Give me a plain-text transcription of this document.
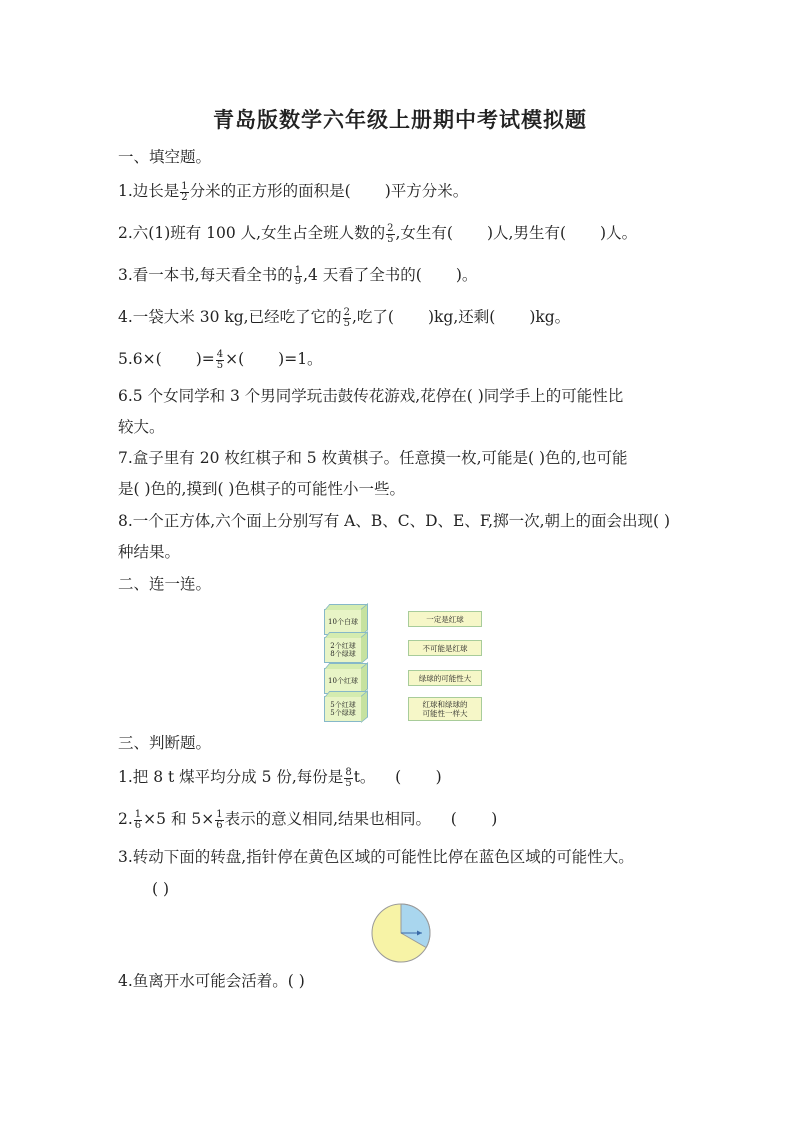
青岛版数学六年级上册期中考试模拟题
一、填空题。
1.边长是 $\frac{1}{2}$ 分米的正方形的面积是( )平方分米。
2.六(1)班有 100 人,女生占全班人数的 $\frac{2}{5}$ ,女生有( )人,男生有( )人。
3.看一本书,每天看全书的 $\frac{1}{9} ,4$ 天看了全书的( )。
4.一袋大米 30 kg,已经吃了它的 $\frac{2}{5}$ ,吃了( )kg,还剩( )kg。
5.6×( )= $\frac{4}{5}$ ×( )=1。
6.5 个女同学和 3 个男同学玩击鼓传花游戏,花停在( )同学手上的可能性比
较大。
7.盒子里有 20 枚红棋子和 5 枚黄棋子。任意摸一枚,可能是( )色的,也可能
是( )色的,摸到( )色棋子的可能性小一些。
8.一个正方体,六个面上分别写有 A、B、C、D、E、F,掷一次,朝上的面会出现( )
种结果。
二、连一连。
10个白球
2个红球
8个绿球
10个红球
5个红球
5个绿球
一定是红球
不可能是红球
绿球的可能性大
红球和绿球的
可能性一样大
三、判断题。
1.把 8 t 煤平均分成 5 份,每份是 $\frac{8}{5}$ t。    (       )
2. $\frac{1}{6} \times 5$ 和 $5\times \frac{1}{6}$ 表示的意义相同,结果也相同。    (       )
3.转动下面的转盘,指针停在黄色区域的可能性比停在蓝色区域的可能性大。
( )
4.鱼离开水可能会活着。( )
